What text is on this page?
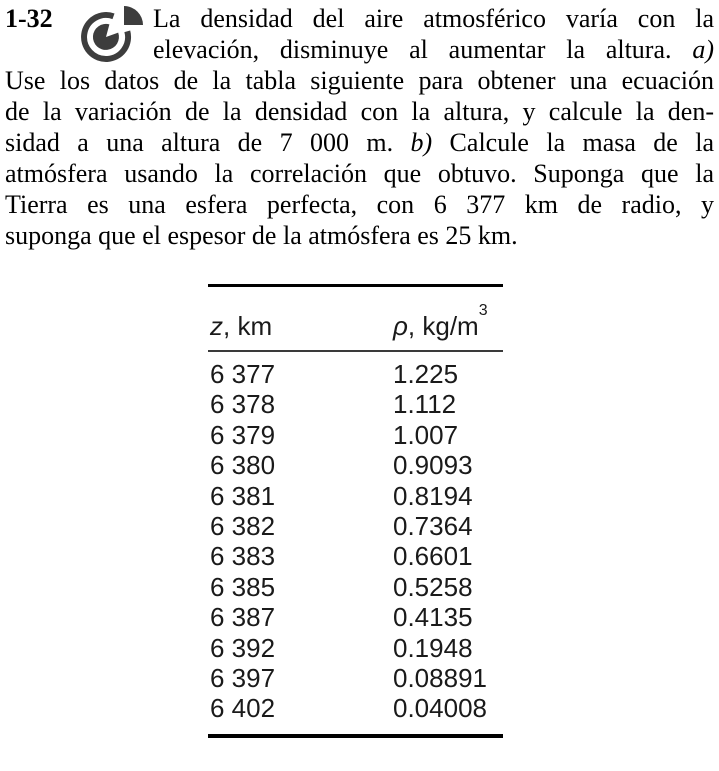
1-32	La densidad del aire atmosférico varía con la
elevación, disminuye al aumentar la altura. a)
Use los datos de la tabla siguiente para obtener una ecuación
de la variación de la densidad con la altura, y calcule la den-
sidad a una altura de 7 000 m. b) Calcule la masa de la
atmósfera usando la correlación que obtuvo. Suponga que la
Tierra es una esfera perfecta, con 6 377 km de radio, y
suponga que el espesor de la atmósfera es 25 km.
z, km	ρ, $kg/m^3$
6 377	1.225
6 378	1.112
6 379	1.007
6 380	0.9093
6 381	0.8194
6 382	0.7364
6 383	0.6601
6 385	0.5258
6 387	0.4135
6 392	0.1948
6 397	0.08891
6 402	0.04008
